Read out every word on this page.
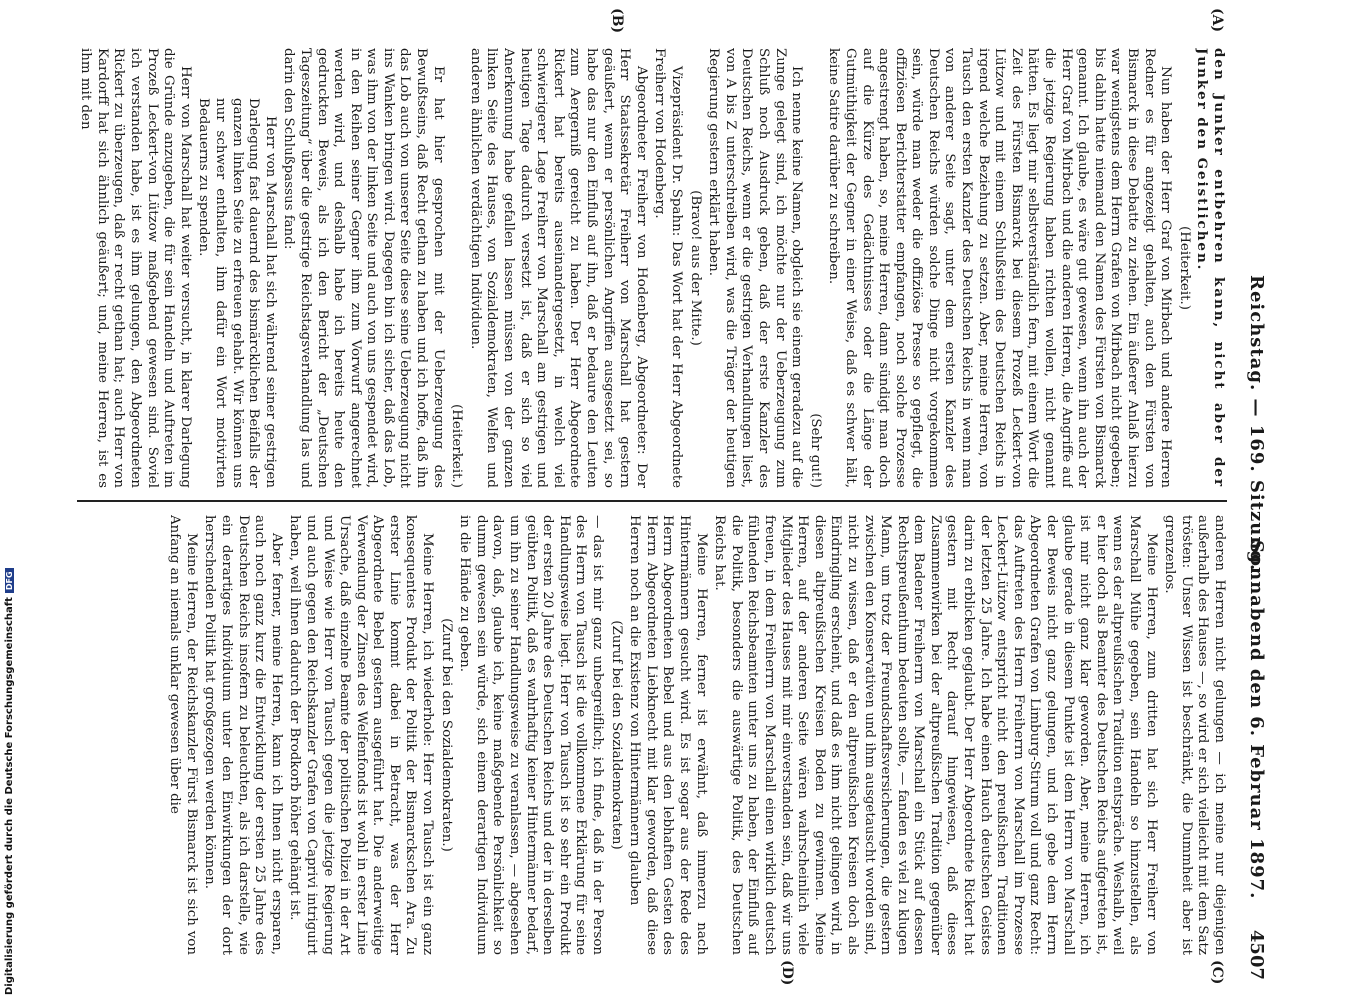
Reichstag. — 169. Sitzung.
Sonnabend den 6. Februar 1897.
4507
(A)
(B)
(C)
(D)

den Junker entbehren kann, nicht aber der Junker den Geistlichen.

(Heiterkeit.)

Nun haben der Herr Graf von Mirbach und andere Herren Redner es für angezeigt gehalten, auch den Fürsten von Bismarck in diese Debatte zu ziehen. Ein äußerer Anlaß hierzu war wenigstens dem Herrn Grafen von Mirbach nicht gegeben; bis dahin hatte niemand den Namen des Fürsten von Bismarck genannt. Ich glaube, es wäre gut gewesen, wenn ihn auch der Herr Graf von Mirbach und die anderen Herren, die Angriffe auf die jetzige Regierung haben richten wollen, nicht genannt hätten. Es liegt mir selbstverständlich fern, mit einem Wort die Zeit des Fürsten Bismarck bei diesem Prozeß Leckert-von Lützow und mit einem Schlußstein des Deutschen Reichs in irgend welche Beziehung zu setzen. Aber, meine Herren, von Tausch den ersten Kanzler des Deutschen Reichs in wenn man von anderer Seite sagt, unter dem ersten Kanzler des Deutschen Reichs würden solche Dinge nicht vorgekommen sein, würde man weder die offiziöse Presse so gepflegt, die offiziösen Berichterstatter empfangen, noch solche Prozesse angestrengt haben, so, meine Herren, dann sündigt man doch auf die Kürze des Gedächtnisses oder die Länge der Gutmüthigkeit der Gegner in einer Weise, daß es schwer hält, keine Satire darüber zu schreiben.

(Sehr gut!)

Ich nenne keine Namen, obgleich sie einem geradezu auf die Zunge gelegt sind, ich möchte nur der Ueberzeugung zum Schluß noch Ausdruck geben, daß der erste Kanzler des Deutschen Reichs, wenn er die gestrigen Verhandlungen liest, von A bis Z unterschreiben wird, was die Träger der heutigen Regierung gestern erklärt haben.

(Bravo! aus der Mitte.)

Vizepräsident Dr. Spahn: Das Wort hat der Herr Abgeordnete Freiherr von Hodenberg.

Abgeordneter Freiherr von Hodenberg, Abgeordneter: Der Herr Staatssekretär Freiherr von Marschall hat gestern geäußert, wenn er persönlichen Angriffen ausgesetzt sei, so habe das nur den Einfluß auf ihn, daß er bedaure den Leuten zum Aergerniß gereicht zu haben. Der Herr Abgeordnete Rickert hat bereits auseinandergesetzt, in welch viel schwierigerer Lage Freiherr von Marschall am gestrigen und heutigen Tage dadurch versetzt ist, daß er sich so viel Anerkennung habe gefallen lassen müssen von der ganzen linken Seite des Hauses, von Sozialdemokraten, Welfen und anderen ähnlichen verdächtigen Individuen.

(Heiterkeit.)

Er hat hier gesprochen mit der Ueberzeugung des Bewußtseins, daß Recht gethan zu haben und ich hoffe, daß ihn das Lob auch von unserer Seite diese seine Ueberzeugung nicht ins Wanken bringen wird. Dagegen bin ich sicher, daß das Lob, was ihm von der linken Seite und auch von uns gespendet wird, in den Reihen seiner Gegner ihm zum Vorwurf angerechnet werden wird, und deshalb habe ich bereits heute den gedruckten Beweis, als ich den Bericht der „Deutschen Tageszeitung“ über die gestrige Reichstagsverhandlung las und darin den Schlußpassus fand:

Herr von Marschall hat sich während seiner gestrigen Darlegung fast dauernd des bismärcklichen Beifalls der ganzen linken Seite zu erfreuen gehabt. Wir können uns nur schwer enthalten, ihm dafür ein Wort motivirten Bedauerns zu spenden.

Herr von Marschall hat weiter versucht, in klarer Darlegung die Gründe anzugeben, die für sein Handeln und Auftreten im Prozeß Leckert-von Lützow maßgebend gewesen sind. Soviel ich verstanden habe, ist es ihm gelungen, den Abgeordneten Rickert zu überzeugen, daß er recht gethan hat; auch Herr von Kardorff hat sich ähnlich geäußert; und, meine Herren, ist es ihm mit den

anderen Herren nicht gelungen — ich meine nur diejenigen außerhalb des Hauses —, so wird er sich vielleicht mit dem Satz trösten: Unser Wissen ist beschränkt, die Dummheit aber ist grenzenlos.

Meine Herren, zum dritten hat sich Herr Freiherr von Marschall Mühe gegeben, sein Handeln so hinzustellen, als wenn es der altpreußischen Tradition entspräche. Weshalb, weil er hier doch als Beamter des Deutschen Reichs aufgetreten ist, ist mir nicht ganz klar geworden. Aber, meine Herren, ich glaube gerade in diesem Punkte ist dem Herrn von Marschall der Beweis nicht ganz gelungen, und ich gebe dem Herrn Abgeordneten Grafen von Limburg-Stirum voll und ganz Recht: das Auftreten des Herrn Freiherrn von Marschall im Prozesse Leckert-Lützow entspricht nicht den preußischen Traditionen der letzten 25 Jahre. Ich habe einen Hauch deutschen Geistes darin zu erblicken geglaubt. Der Herr Abgeordnete Rickert hat gestern mit Recht darauf hingewiesen, daß dieses Zusammenwirken bei der altpreußischen Tradition gegenüber dem Badener Freiherrn von Marschall ein Stück auf dessen Rechtspreußenthum bedeuten sollte, — fanden es viel zu klugen Mann, um trotz der Freundschaftsversicherungen, die gestern zwischen den Konservativen und ihm ausgetauscht worden sind, nicht zu wissen, daß er den altpreußischen Kreisen doch als Eindringling erscheint, und daß es ihm nicht gelingen wird, in diesen altpreußischen Kreisen Boden zu gewinnen. Meine Herren, auf der anderen Seite wären wahrscheinlich viele Mitglieder des Hauses mit mir einverstanden sein, daß wir uns freuen, in dem Freiherrn von Marschall einen wirklich deutsch fühlenden Reichsbeamten unter uns zu haben, der Einfluß auf die Politik, besonders die auswärtige Politik, des Deutschen Reichs hat.

Meine Herren, ferner ist erwähnt, daß immerzu nach Hintermännern gesucht wird. Es ist sogar aus der Rede des Herrn Abgeordneten Bebel und aus den lebhaften Gesten des Herrn Abgeordneten Liebknecht mit klar geworden, daß diese Herren noch an die Existenz von Hintermännern glauben

(Zuruf bei den Sozialdemokraten)

— das ist mir ganz unbegreiflich; ich finde, daß in der Person des Herrn von Tausch ist die vollkommene Erklärung für seine Handlungsweise liegt. Herr von Tausch ist so sehr ein Produkt der ersten 20 Jahre des Deutschen Reichs und der in derselben geübten Politik, daß es wahrhaftig keiner Hintermänner bedarf, um ihn zu seiner Handlungsweise zu veranlassen, — abgesehen davon, daß, glaube ich, keine maßgebende Persönlichkeit so dumm gewesen sein würde, sich einem derartigen Individuum in die Hände zu geben.

(Zuruf bei den Sozialdemokraten.)

Meine Herren, ich wiederhole: Herr von Tausch ist ein ganz konsequentes Produkt der Politik der Bismarckschen Ara. Zu erster Linie kommt dabei in Betracht, was der Herr Abgeordnete Bebel gestern ausgeführt hat. Die anderweitige Verwendung der Zinsen des Welfenfonds ist wohl in erster Linie Ursache, daß einzelne Beamte der politischen Polizei in der Art und Weise wie Herr von Tausch gegen die jetzige Regierung und auch gegen den Reichskanzler Grafen von Caprivi intriguirt haben, weil ihnen dadurch der Brodkorb höher gehängt ist.

Aber ferner, meine Herren, kann ich Ihnen nicht ersparen, auch noch ganz kurz die Entwicklung der ersten 25 Jahre des Deutschen Reichs insofern zu beleuchten, als ich darstelle, wie ein derartiges Individuum unter den Einwirkungen der dort herrschenden Politik hat großgezogen werden können.

Meine Herren, der Reichskanzler Fürst Bismarck ist sich von Anfang an niemals unklar gewesen über die

Digitalisierung gefördert durch die Deutsche ForschungsgemeinschaftDFG
